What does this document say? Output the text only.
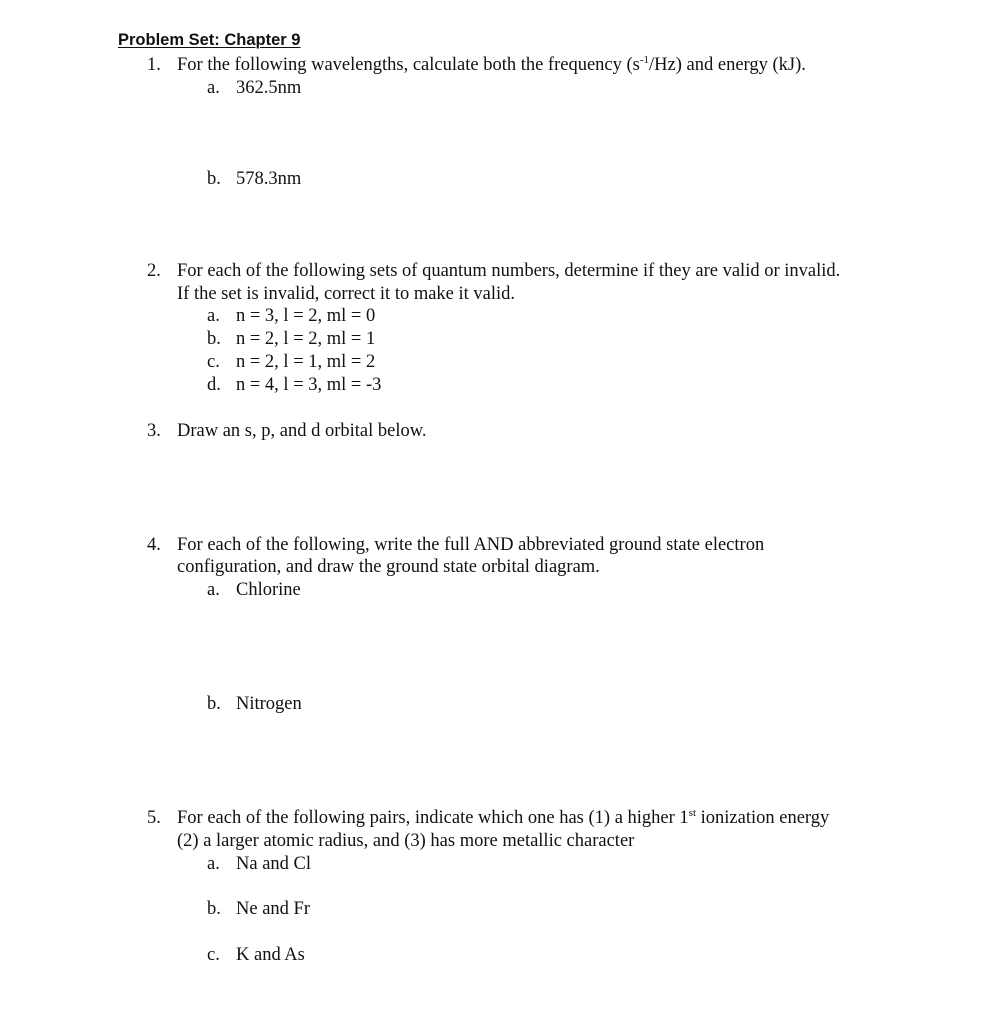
Problem Set: Chapter 9
1. For the following wavelengths, calculate both the frequency $(s^{-1}/Hz)$ and energy (kJ).
a. 362.5nm
b. 578.3nm
2. For each of the following sets of quantum numbers, determine if they are valid or invalid.
If the set is invalid, correct it to make it valid.
a. n = 3, l = 2, ml = 0
b. n = 2, l = 2, ml = 1
c. n = 2, l = 1, ml = 2
d. n = 4, l = 3, ml = -3
3. Draw an s, p, and d orbital below.
4. For each of the following, write the full AND abbreviated ground state electron
configuration, and draw the ground state orbital diagram.
a. Chlorine
b. Nitrogen
5. For each of the following pairs, indicate which one has (1) a higher 1st ionization energy
(2) a larger atomic radius, and (3) has more metallic character
a. Na and Cl
b. Ne and Fr
c. K and As
